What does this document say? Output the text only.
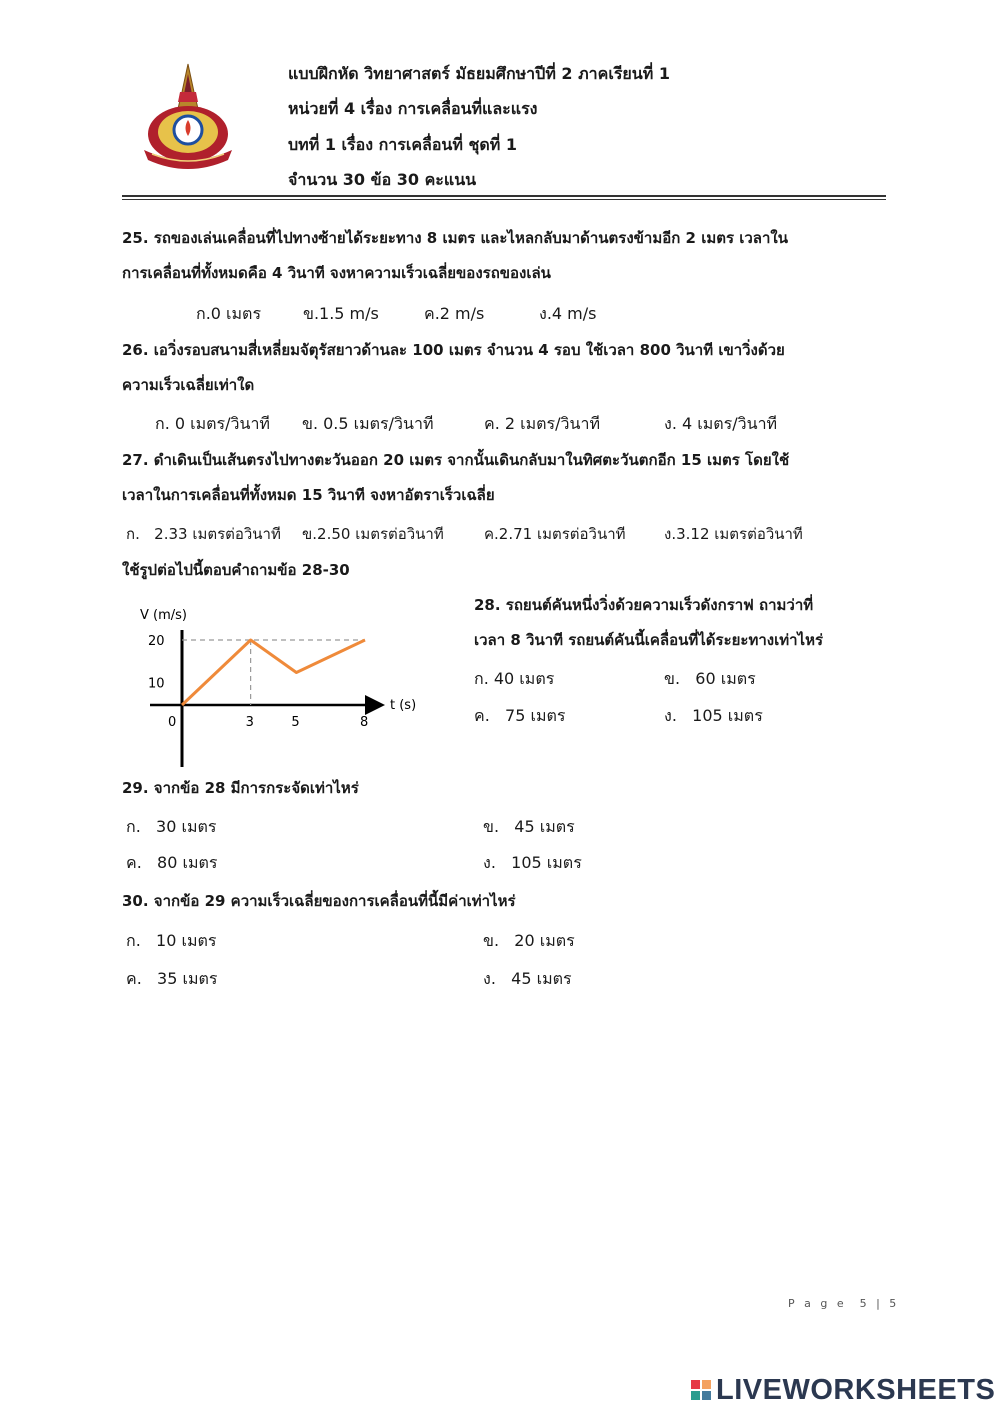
แบบฝึกหัด วิทยาศาสตร์ มัธยมศึกษาปีที่ 2 ภาคเรียนที่ 1
หน่วยที่ 4 เรื่อง การเคลื่อนที่และแรง
บทที่ 1 เรื่อง การเคลื่อนที่ ชุดที่ 1
จำนวน 30 ข้อ 30 คะแนน
25. รถของเล่นเคลื่อนที่ไปทางซ้ายได้ระยะทาง 8 เมตร และไหลกลับมาด้านตรงข้ามอีก 2 เมตร เวลาใน
การเคลื่อนที่ทั้งหมดคือ 4 วินาที จงหาความเร็วเฉลี่ยของรถของเล่น
ก.0 เมตร	ข.1.5 m/s	ค.2 m/s	ง.4 m/s
26. เอวิ่งรอบสนามสี่เหลี่ยมจัตุรัสยาวด้านละ 100 เมตร จำนวน 4 รอบ ใช้เวลา 800 วินาที เขาวิ่งด้วย
ความเร็วเฉลี่ยเท่าใด
ก. 0 เมตร/วินาที ข. 0.5 เมตร/วินาที	ค. 2 เมตร/วินาที	ง. 4 เมตร/วินาที
27. ดำเดินเป็นเส้นตรงไปทางตะวันออก 20 เมตร จากนั้นเดินกลับมาในทิศตะวันตกอีก 15 เมตร โดยใช้
เวลาในการเคลื่อนที่ทั้งหมด 15 วินาที จงหาอัตราเร็วเฉลี่ย
ก.   2.33 เมตรต่อวินาที ข.2.50 เมตรต่อวินาที	ค.2.71 เมตรต่อวินาที	ง.3.12 เมตรต่อวินาที
ใช้รูปต่อไปนี้ตอบคำถามข้อ 28-30
V (m/s)
t (s)
0	3	5	8
10
20
28. รถยนต์คันหนึ่งวิ่งด้วยความเร็วดังกราฟ ถามว่าที่
เวลา 8 วินาที รถยนต์คันนี้เคลื่อนที่ได้ระยะทางเท่าไหร่
ก. 40 เมตร	ข.   60 เมตร
ค.   75 เมตร	ง.   105 เมตร
29. จากข้อ 28 มีการกระจัดเท่าไหร่
ก.   30 เมตร	ข.   45 เมตร
ค.   80 เมตร	ง.   105 เมตร
30. จากข้อ 29 ความเร็วเฉลี่ยของการเคลื่อนที่นี้มีค่าเท่าไหร่
ก.   10 เมตร	ข.   20 เมตร
ค.   35 เมตร	ง.   45 เมตร
P a g e  5 | 5
LIVEWORKSHEETS
